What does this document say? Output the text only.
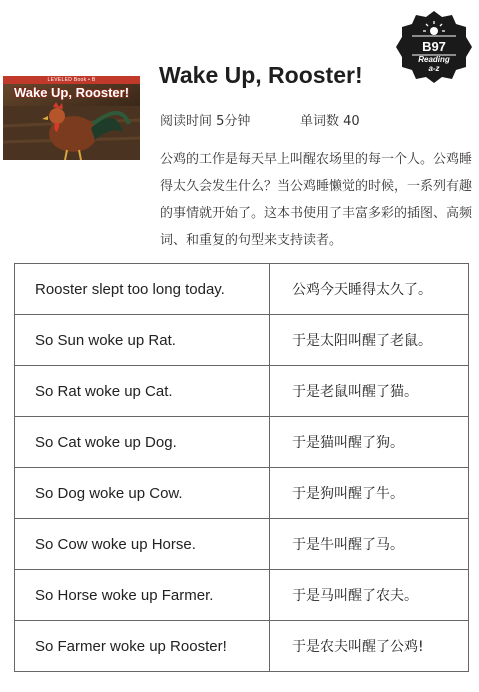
LEVELED Book • B
Wake Up, Rooster!
B97
Reading
a-z
Wake Up, Rooster!
阅读时间 5分钟	单词数 40
公鸡的工作是每天早上叫醒农场里的每一个人。公鸡睡得太久会发生什么？当公鸡睡懒觉的时候，一系列有趣的事情就开始了。这本书使用了丰富多彩的插图、高频词、和重复的句型来支持读者。
Rooster slept too long today.	公鸡今天睡得太久了。
So Sun woke up Rat.	于是太阳叫醒了老鼠。
So Rat woke up Cat.	于是老鼠叫醒了猫。
So Cat woke up Dog.	于是猫叫醒了狗。
So Dog woke up Cow.	于是狗叫醒了牛。
So Cow woke up Horse.	于是牛叫醒了马。
So Horse woke up Farmer.	于是马叫醒了农夫。
So Farmer woke up Rooster!	于是农夫叫醒了公鸡!
